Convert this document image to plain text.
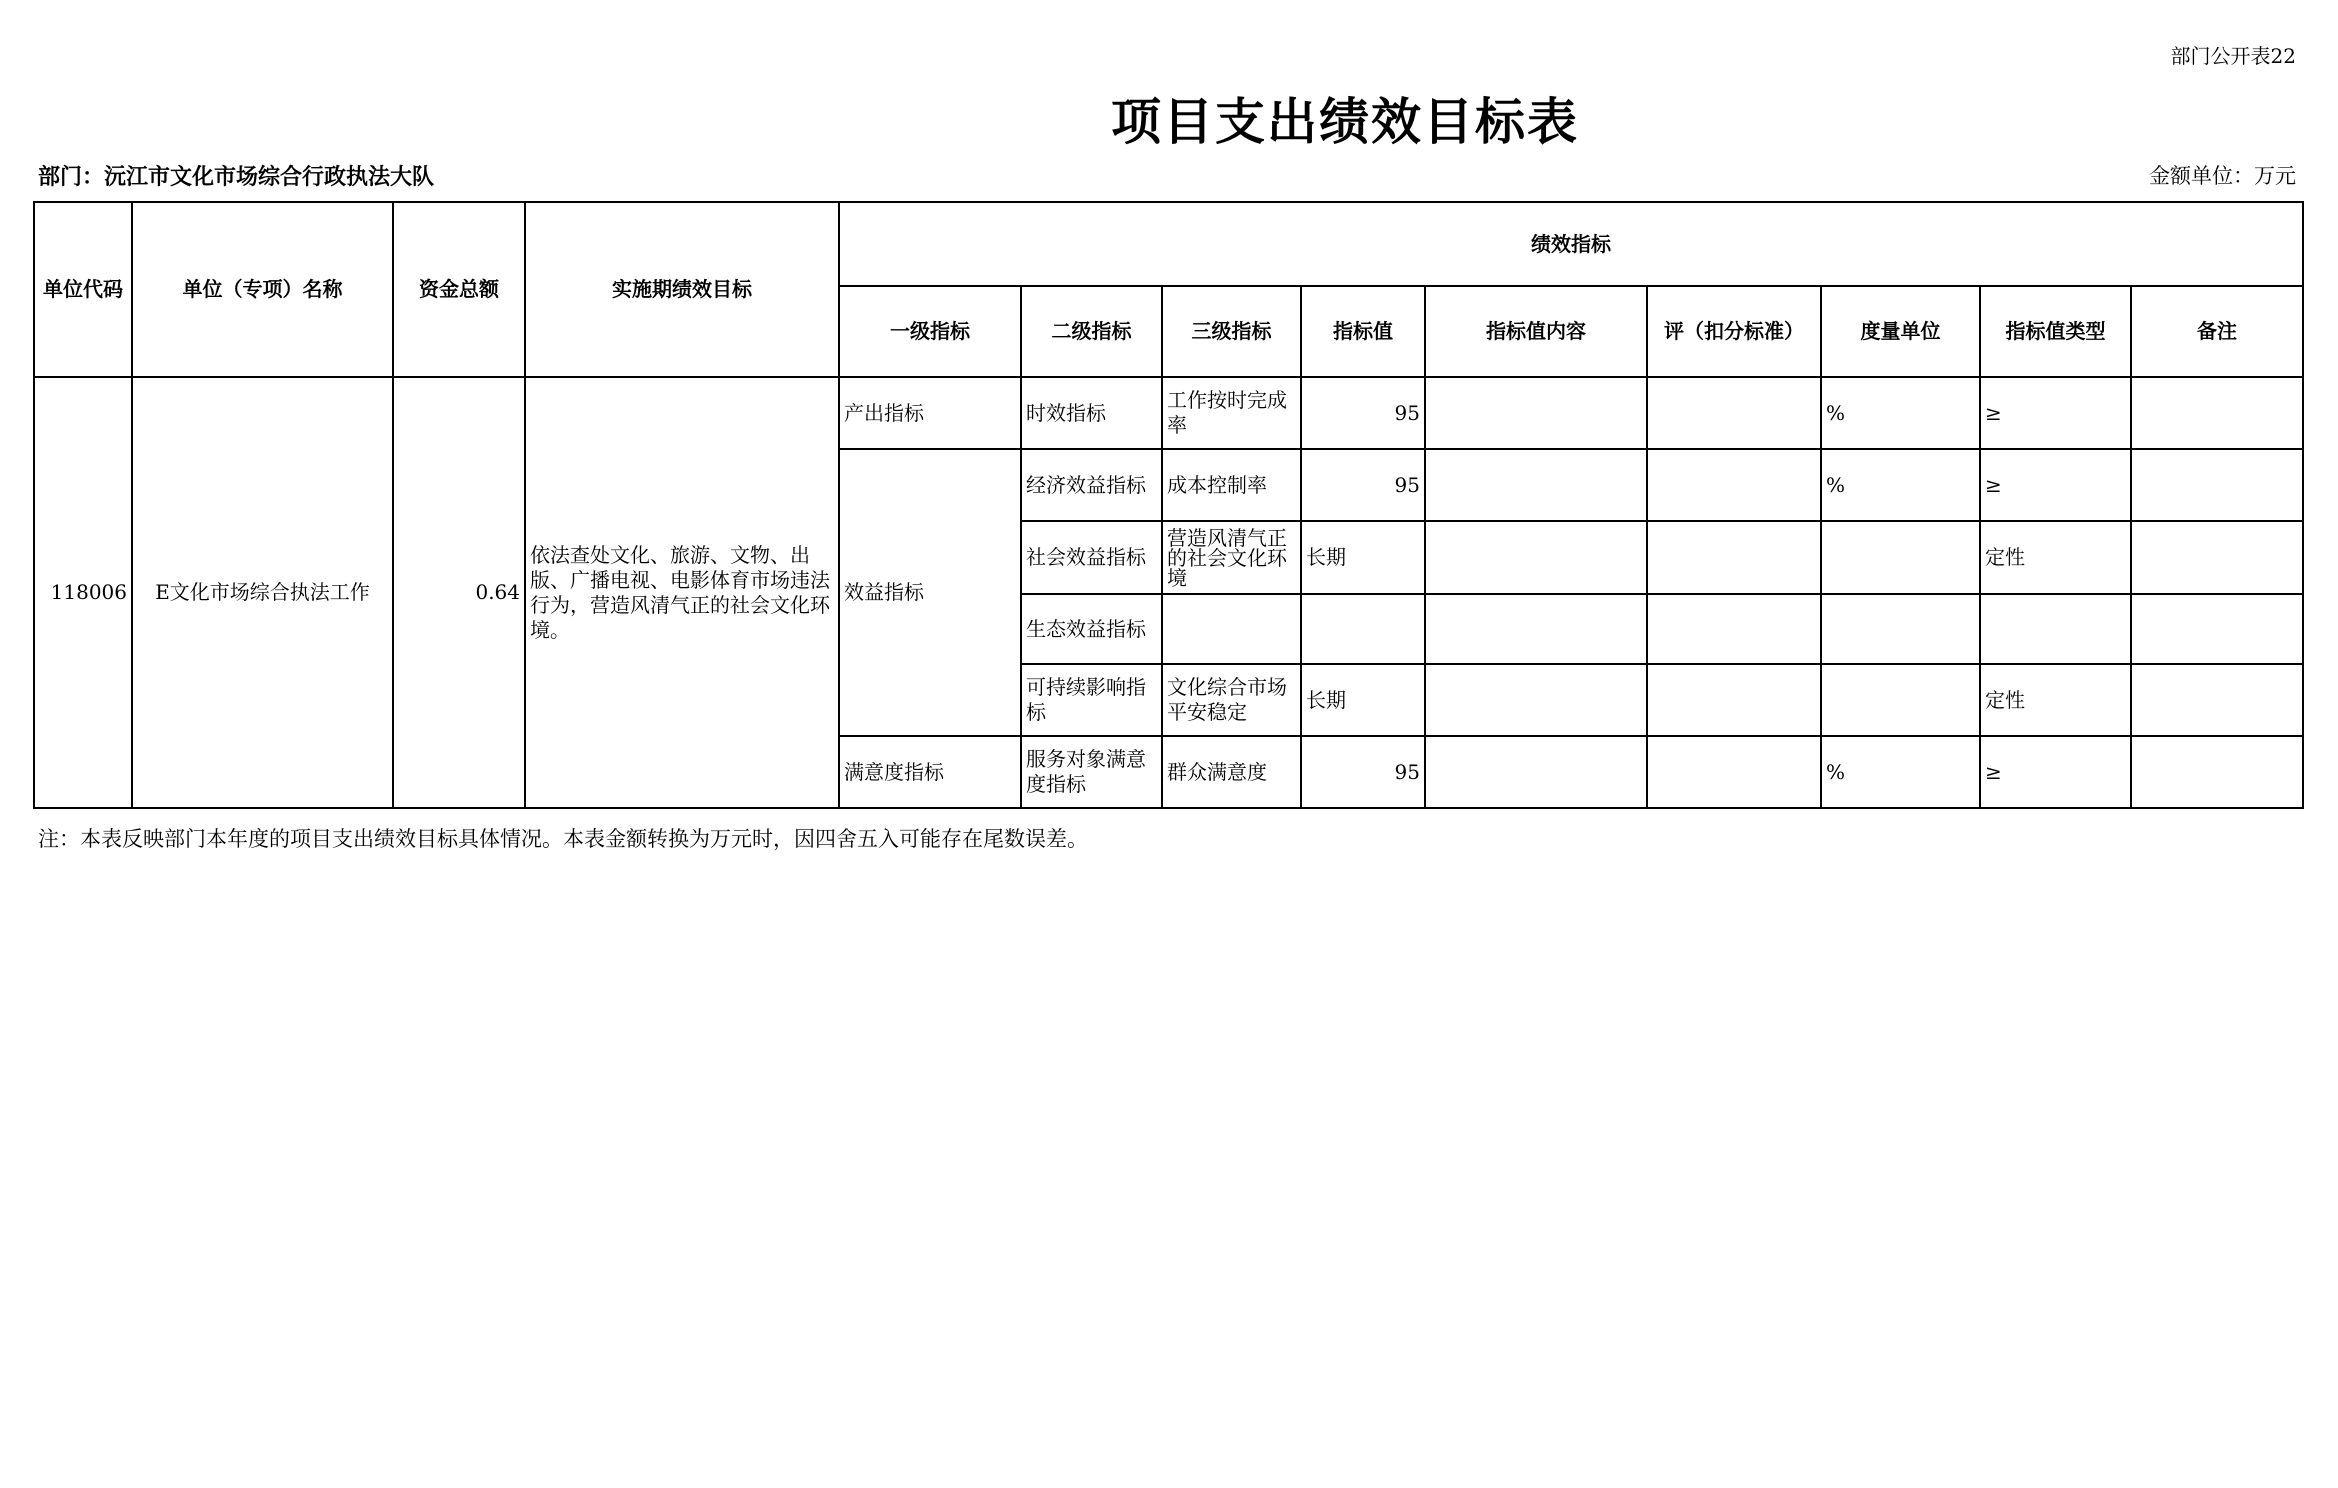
部门公开表22
项目支出绩效目标表
部门：沅江市文化市场综合行政执法大队	金额单位：万元
单位代码	单位（专项）名称	资金总额	实施期绩效目标	绩效指标								
				一级指标	二级指标	三级指标	指标值	指标值内容	评（扣分标准）	度量单位	指标值类型	备注
118006	E文化市场综合执法工作	0.64	依法查处文化、旅游、文物、出版、广播电视、电影体育市场违法行为，营造风清气正的社会文化环境。	产出指标	时效指标	工作按时完成率	95			%	≥	
				效益指标	经济效益指标	成本控制率	95			%	≥	
					社会效益指标	营造风清气正的社会文化环境	长期				定性	
					生态效益指标							
					可持续影响指标	文化综合市场平安稳定	长期				定性	
				满意度指标	服务对象满意度指标	群众满意度	95			%	≥	
注：本表反映部门本年度的项目支出绩效目标具体情况。本表金额转换为万元时，因四舍五入可能存在尾数误差。
